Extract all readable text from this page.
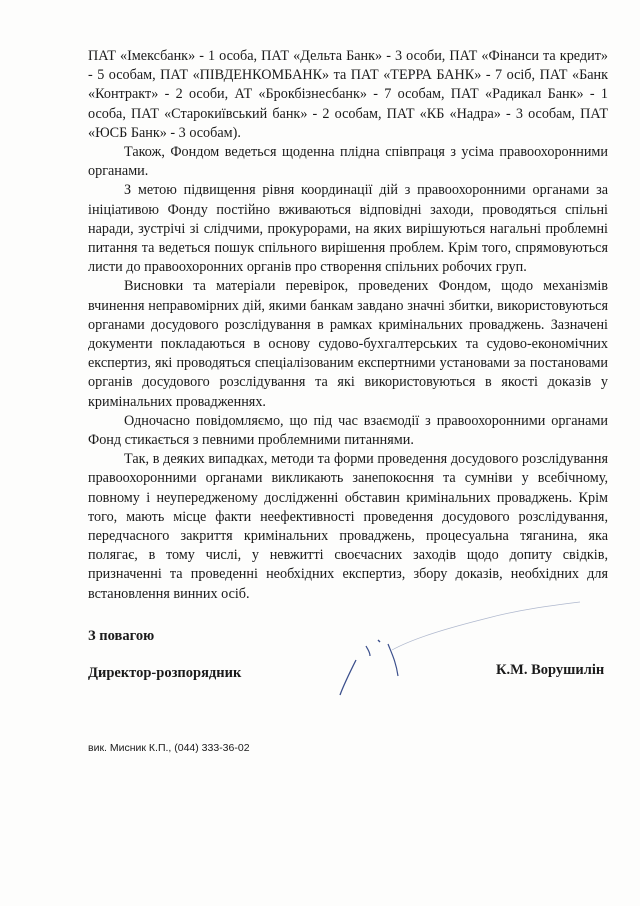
ПАТ «Імексбанк» - 1 особа, ПАТ «Дельта Банк» - 3 особи, ПАТ «Фінанси та кредит» - 5 особам, ПАТ «ПІВДЕНКОМБАНК» та ПАТ «ТЕРРА БАНК» - 7 осіб, ПАТ «Банк «Контракт» - 2 особи, АТ «Брокбізнесбанк» - 7 особам, ПАТ «Радикал Банк» - 1 особа, ПАТ «Старокиївський банк» - 2 особам, ПАТ «КБ «Надра» - 3 особам, ПАТ «ЮСБ Банк» - 3 особам).

Також, Фондом ведеться щоденна плідна співпраця з усіма правоохоронними органами.

З метою підвищення рівня координації дій з правоохоронними органами за ініціативою Фонду постійно вживаються відповідні заходи, проводяться спільні наради, зустрічі зі слідчими, прокурорами, на яких вирішуються нагальні проблемні питання та ведеться пошук спільного вирішення проблем. Крім того, спрямовуються листи до правоохоронних органів про створення спільних робочих груп.

Висновки та матеріали перевірок, проведених Фондом, щодо механізмів вчинення неправомірних дій, якими банкам завдано значні збитки, використовуються органами досудового розслідування в рамках кримінальних проваджень. Зазначені документи покладаються в основу судово-бухгалтерських та судово-економічних експертиз, які проводяться спеціалізованим експертними установами за постановами органів досудового розслідування та які використовуються в якості доказів у кримінальних провадженнях.

Одночасно повідомляємо, що під час взаємодії з правоохоронними органами Фонд стикається з певними проблемними питаннями.

Так, в деяких випадках, методи та форми проведення досудового розслідування правоохоронними органами викликають занепокоєння та сумніви у всебічному, повному і неупередженому дослідженні обставин кримінальних проваджень. Крім того, мають місце факти неефективності проведення досудового розслідування, передчасного закриття кримінальних проваджень, процесуальна тяганина, яка полягає, в тому числі, у невжитті своєчасних заходів щодо допиту свідків, призначенні та проведенні необхідних експертиз, збору доказів, необхідних для встановлення винних осіб.

З повагою

Директор-розпорядник	К.М. Ворушилін

вик. Мисник К.П., (044) 333-36-02
